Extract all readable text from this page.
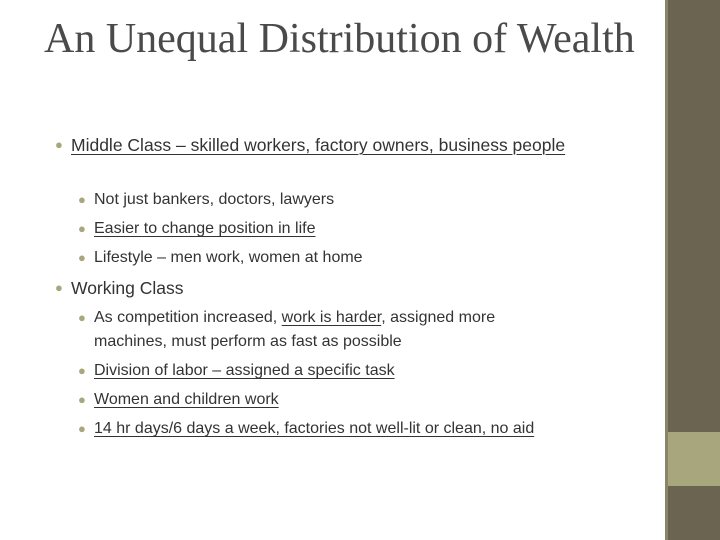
An Unequal Distribution of Wealth
● Middle Class – skilled workers, factory owners, business people
● Not just bankers, doctors, lawyers
● Easier to change position in life
● Lifestyle – men work, women at home
● Working Class
● As competition increased, work is harder, assigned more machines, must perform as fast as possible
● Division of labor – assigned a specific task
● Women and children work
● 14 hr days/6 days a week, factories not well-lit or clean, no aid
